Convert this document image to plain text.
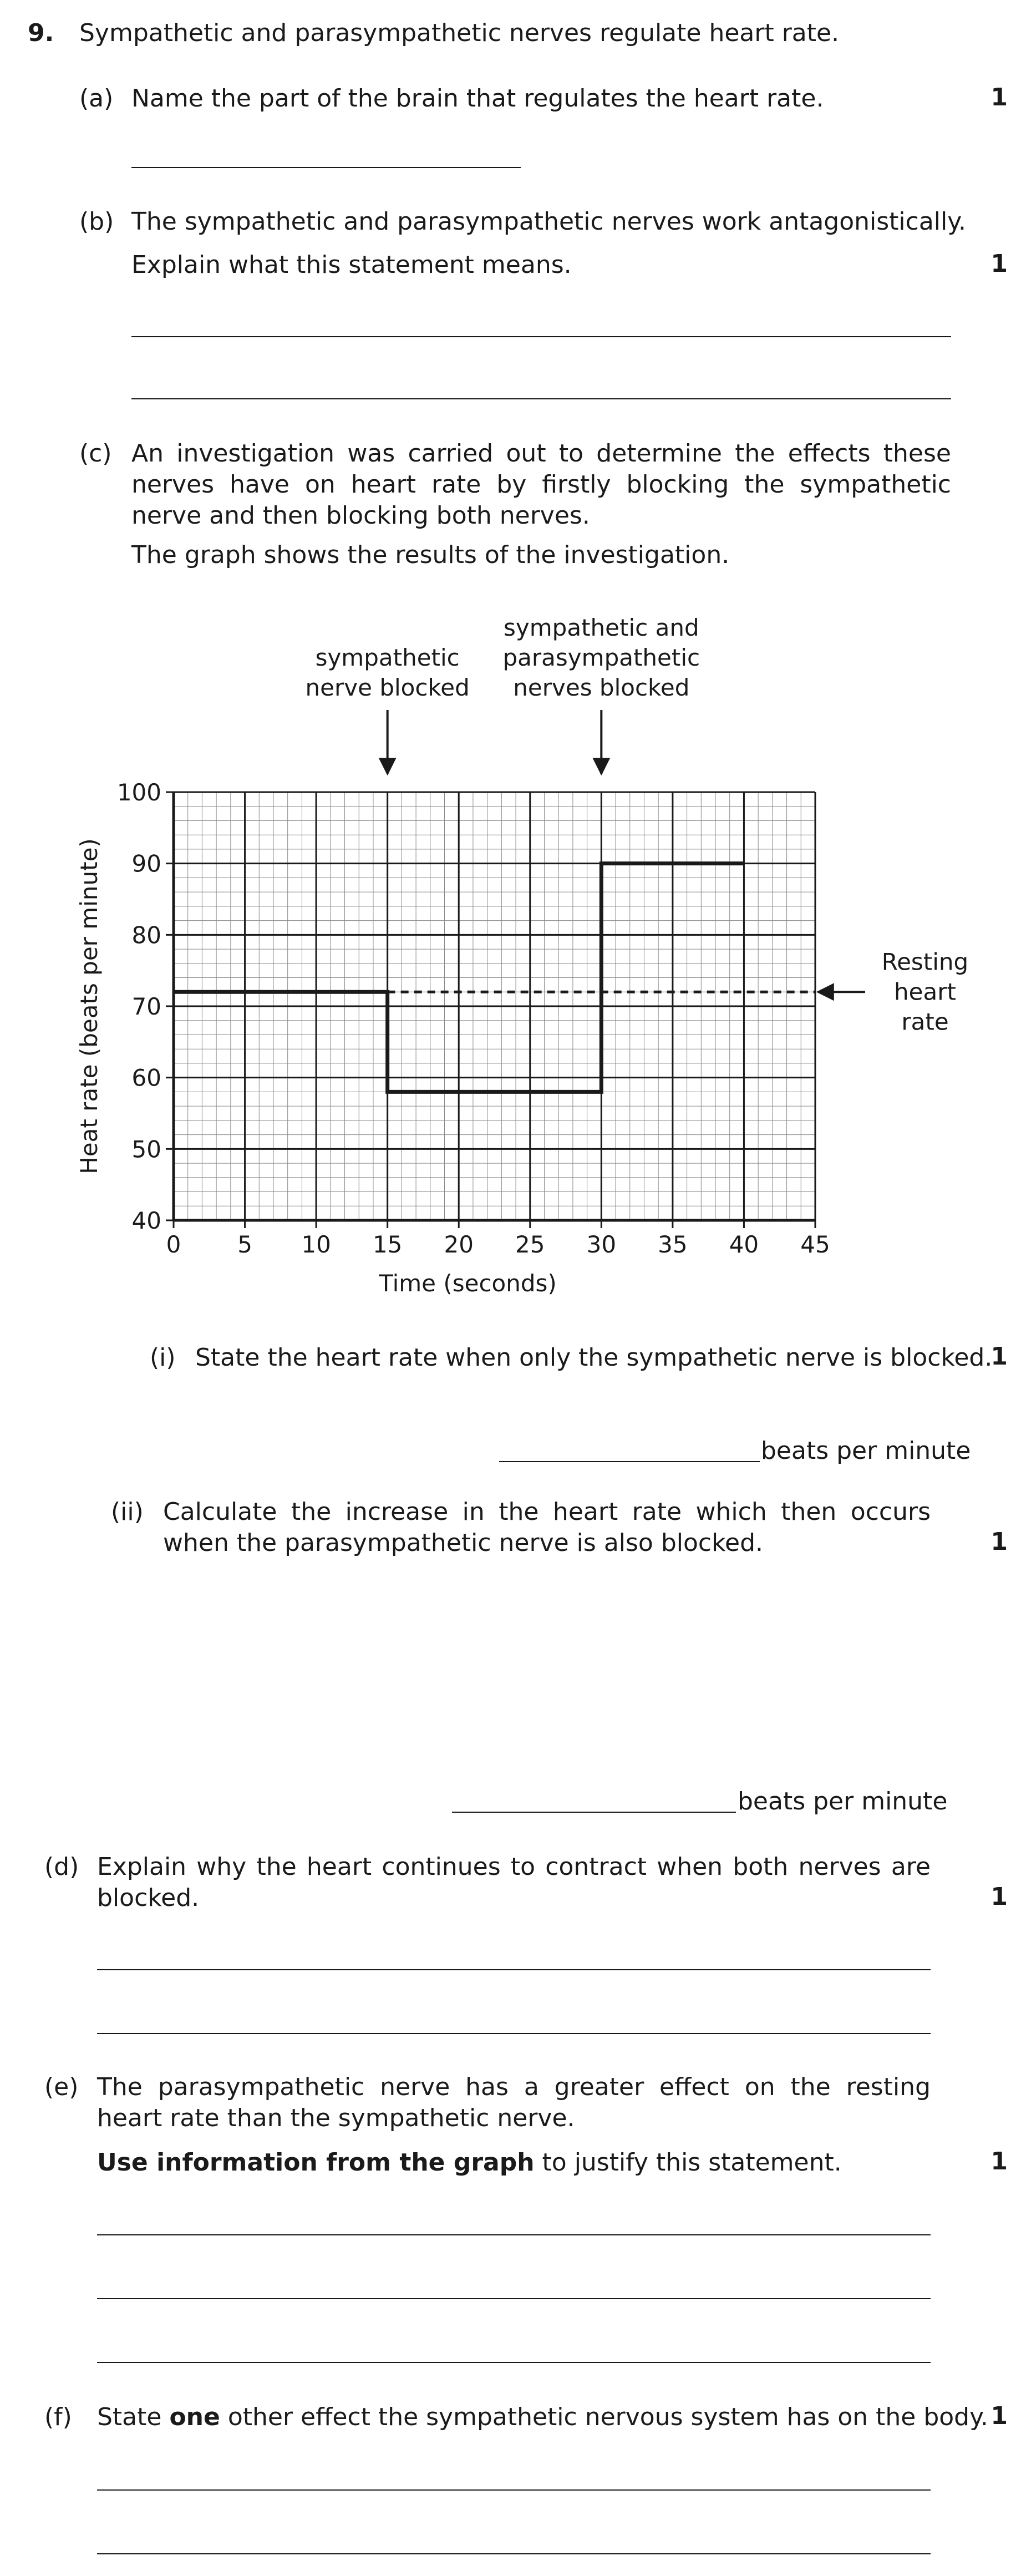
9. Sympathetic and parasympathetic nerves regulate heart rate.
(a) Name the part of the brain that regulates the heart rate.	1
(b) The sympathetic and parasympathetic nerves work antagonistically.
Explain what this statement means.	1
(c) An investigation was carried out to determine the effects these nerves have on heart rate by firstly blocking the sympathetic nerve and then blocking both nerves.
The graph shows the results of the investigation.
0 5 10 15 20 25 30 35 40 45
40
50
60
70
80
90
100
Time (seconds)
Heat rate (beats per minute)
sympathetic
nerve blocked
sympathetic and
parasympathetic
nerves blocked
Resting
heart
rate
(i) State the heart rate when only the sympathetic nerve is blocked.
1
beats per minute
(ii) Calculate the increase in the heart rate which then occurs when the parasympathetic nerve is also blocked.	1
beats per minute
(d) Explain why the heart continues to contract when both nerves are blocked.	1
(e) The parasympathetic nerve has a greater effect on the resting heart rate than the sympathetic nerve.
Use information from the graph to justify this statement.	1
(f) State one other effect the sympathetic nervous system has on the body. 1
